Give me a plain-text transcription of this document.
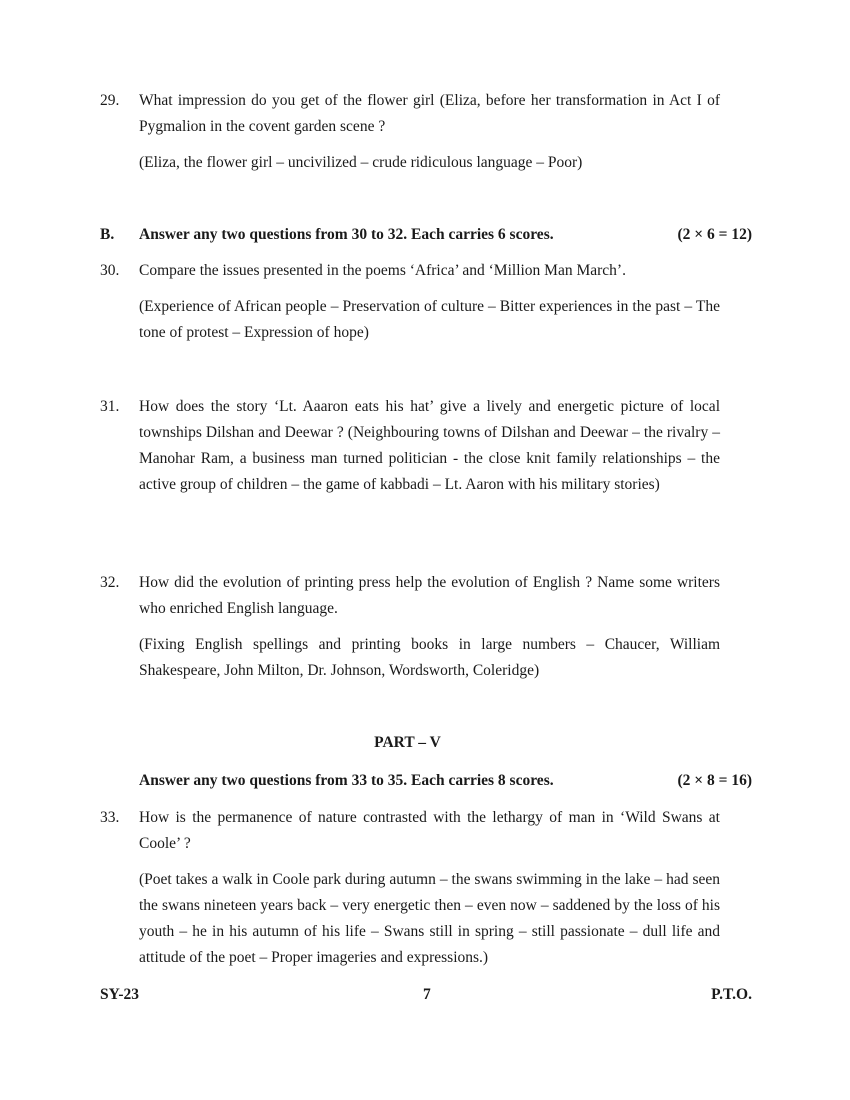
29.	What impression do you get of the flower girl (Eliza, before her transformation in Act I of Pygmalion in the covent garden scene ?
(Eliza, the flower girl – uncivilized – crude ridiculous language – Poor)
B. Answer any two questions from 30 to 32. Each carries 6 scores.	(2 × 6 = 12)
30.	Compare the issues presented in the poems ‘Africa’ and ‘Million Man March’.
(Experience of African people – Preservation of culture – Bitter experiences in the past – The tone of protest – Expression of hope)
31.	How does the story ‘Lt. Aaaron eats his hat’ give a lively and energetic picture of local townships Dilshan and Deewar ? (Neighbouring towns of Dilshan and Deewar – the rivalry – Manohar Ram, a business man turned politician - the close knit family relationships – the active group of children – the game of kabbadi – Lt. Aaron with his military stories)
32.	How did the evolution of printing press help the evolution of English ? Name some writers who enriched English language.
(Fixing English spellings and printing books in large numbers – Chaucer, William Shakespeare, John Milton, Dr. Johnson, Wordsworth, Coleridge)
PART – V
Answer any two questions from 33 to 35. Each carries 8 scores.	(2 × 8 = 16)
33.	How is the permanence of nature contrasted with the lethargy of man in ‘Wild Swans at Coole’ ?
(Poet takes a walk in Coole park during autumn – the swans swimming in the lake – had seen the swans nineteen years back – very energetic then – even now – saddened by the loss of his youth – he in his autumn of his life – Swans still in spring – still passionate – dull life and attitude of the poet – Proper imageries and expressions.)
SY-23	7	P.T.O.
